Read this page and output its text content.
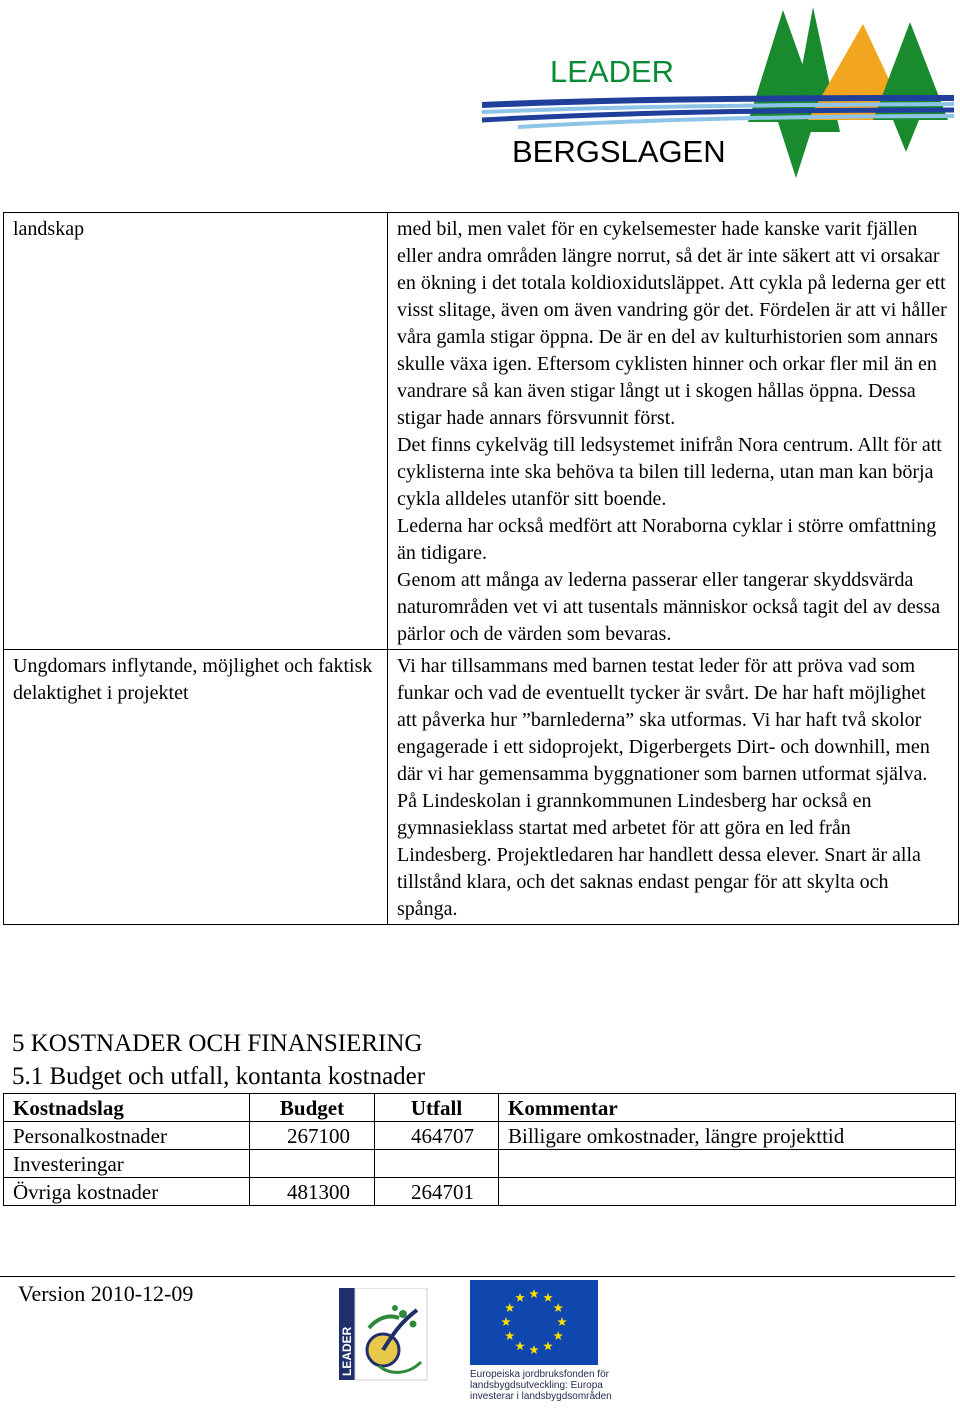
LEADER
BERGSLAGEN
landskap	med bil, men valet för en cykelsemester hade kanske varit fjällen eller andra områden längre norrut, så det är inte säkert att vi orsakar en ökning i det totala koldioxidutsläppet. Att cykla på lederna ger ett visst slitage, även om även vandring gör det. Fördelen är att vi håller våra gamla stigar öppna. De är en del av kulturhistorien som annars skulle växa igen. Eftersom cyklisten hinner och orkar fler mil än en vandrare så kan även stigar långt ut i skogen hållas öppna. Dessa stigar hade annars försvunnit först.
Det finns cykelväg till ledsystemet inifrån Nora centrum. Allt för att cyklisterna inte ska behöva ta bilen till lederna, utan man kan börja cykla alldeles utanför sitt boende.
Lederna har också medfört att Noraborna cyklar i större omfattning än tidigare.
Genom att många av lederna passerar eller tangerar skyddsvärda naturområden vet vi att tusentals människor också tagit del av dessa pärlor och de värden som bevaras.

Ungdomars inflytande, möjlighet och faktisk delaktighet i projektet	Vi har tillsammans med barnen testat leder för att pröva vad som funkar och vad de eventuellt tycker är svårt. De har haft möjlighet att påverka hur ”barnlederna” ska utformas. Vi har haft två skolor engagerade i ett sidoprojekt, Digerbergets Dirt- och downhill, men där vi har gemensamma byggnationer som barnen utformat själva. På Lindeskolan i grannkommunen Lindesberg har också en gymnasieklass startat med arbetet för att göra en led från Lindesberg. Projektledaren har handlett dessa elever. Snart är alla tillstånd klara, och det saknas endast pengar för att skylta och spånga.
5 KOSTNADER OCH FINANSIERING
5.1 Budget och utfall, kontanta kostnader
Kostnadslag	Budget	Utfall	Kommentar
Personalkostnader	267100	464707	Billigare omkostnader, längre projekttid
Investeringar			
Övriga kostnader	481300	264701	
Version 2010-12-09
LEADER	Europeiska jordbruksfonden för
landsbygdsutveckling: Europa
investerar i landsbygdsområden
